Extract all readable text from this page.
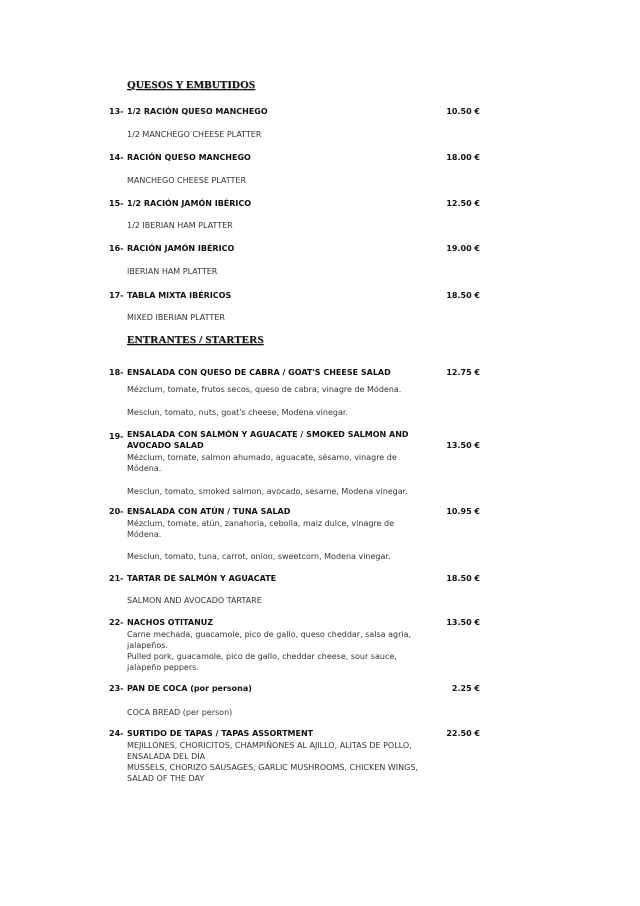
QUESOS Y EMBUTIDOS
13- 1/2 RACIÓN QUESO MANCHEGO	10.50 €
1/2 MANCHEGO CHEESE PLATTER
14- RACIÓN QUESO MANCHEGO	18.00 €
MANCHEGO CHEESE PLATTER
15- 1/2 RACIÓN JAMÓN IBÉRICO	12.50 €
1/2 IBERIAN HAM PLATTER
16- RACIÓN JAMÓN IBÉRICO	19.00 €
IBERIAN HAM PLATTER
17- TABLA MIXTA IBÉRICOS	18.50 €
MIXED IBERIAN PLATTER
ENTRANTES / STARTERS
18- ENSALADA CON QUESO DE CABRA / GOAT'S CHEESE SALAD	12.75 €
Mézclum, tomate, frutos secos, queso de cabra, vinagre de Módena.
Mesclun, tomato, nuts, goat's cheese, Modena vinegar.
19- ENSALADA CON SALMÓN Y AGUACATE / SMOKED SALMON AND
AVOCADO SALAD	13.50 €
Mézclum, tomate, salmon ahumado, aguacate, sésamo, vinagre de
Módena.
Mesclun, tomato, smoked salmon, avocado, sesame, Modena vinegar.
20- ENSALADA CON ATÚN / TUNA SALAD	10.95 €
Mézclum, tomate, atún, zanahoria, cebolla, maiz dulce, vinagre de
Módena.
Mesclun, tomato, tuna, carrot, onion, sweetcorn, Modena vinegar.
21- TARTAR DE SALMÓN Y AGUACATE	18.50 €
SALMON AND AVOCADO TARTARE
22- NACHOS OTITANUZ	13.50 €
Carne mechada, guacamole, pico de gallo, queso cheddar, salsa agria,
jalapeños.
Pulled pork, guacamole, pico de gallo, cheddar cheese, sour sauce,
jalapeño peppers.
23- PAN DE COCA (por persona)	2.25 €
COCA BREAD (per person)
24- SURTIDO DE TAPAS / TAPAS ASSORTMENT	22.50 €
MEJILLONES, CHORICITOS, CHAMPIÑONES AL AJILLO, ALITAS DE POLLO,
ENSALADA DEL DÍA
MUSSELS, CHORIZO SAUSAGES, GARLIC MUSHROOMS, CHICKEN WINGS,
SALAD OF THE DAY
